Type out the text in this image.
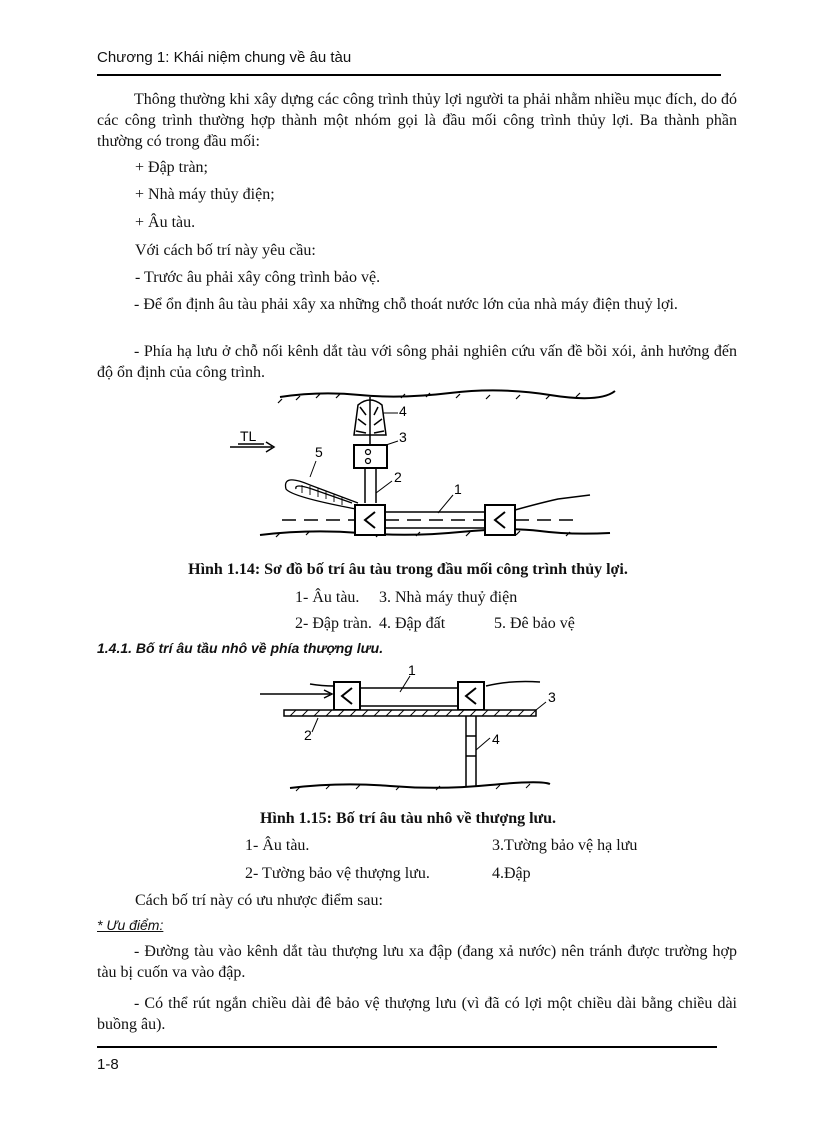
Chương 1: Khái niệm chung về âu tàu

Thông thường khi xây dựng các công trình thủy lợi người ta phải nhằm nhiều mục đích, do đó các công trình thường hợp thành một nhóm gọi là đầu mối công trình thủy lợi. Ba thành phần thường có trong đầu mối:

+ Đập tràn;
+ Nhà máy thủy điện;
+ Âu tàu.
Với cách bố trí này yêu cầu:
- Trước âu phải xây công trình bảo vệ.

- Để ổn định âu tàu phải xây xa những chỗ thoát nước lớn của nhà máy điện thuỷ lợi.

- Phía hạ lưu ở chỗ nối kênh dắt tàu với sông phải nghiên cứu vấn đề bồi xói, ảnh hưởng đến độ ổn định của công trình.

TL
4
3
2
1
5
Hình 1.14: Sơ đồ bố trí âu tàu trong đầu mối công trình thủy lợi.
1- Âu tàu. 3. Nhà máy thuỷ điện
2- Đập tràn. 4. Đập đất	5. Đê bảo vệ
1.4.1. Bố trí âu tầu nhô về phía thượng lưu.
1
3
2	4
Hình 1.15: Bố trí âu tàu nhô về thượng lưu.
1- Âu tàu.	3.Tường bảo vệ hạ lưu
2- Tường bảo vệ thượng lưu.	4.Đập
Cách bố trí này có ưu nhược điểm sau:
* Ưu điểm:

- Đường tàu vào kênh dắt tàu thượng lưu xa đập (đang xả nước) nên tránh được trường hợp tàu bị cuốn va vào đập.

- Có thể rút ngắn chiều dài đê bảo vệ thượng lưu (vì đã có lợi một chiều dài bằng chiều dài buồng âu).

1-8
